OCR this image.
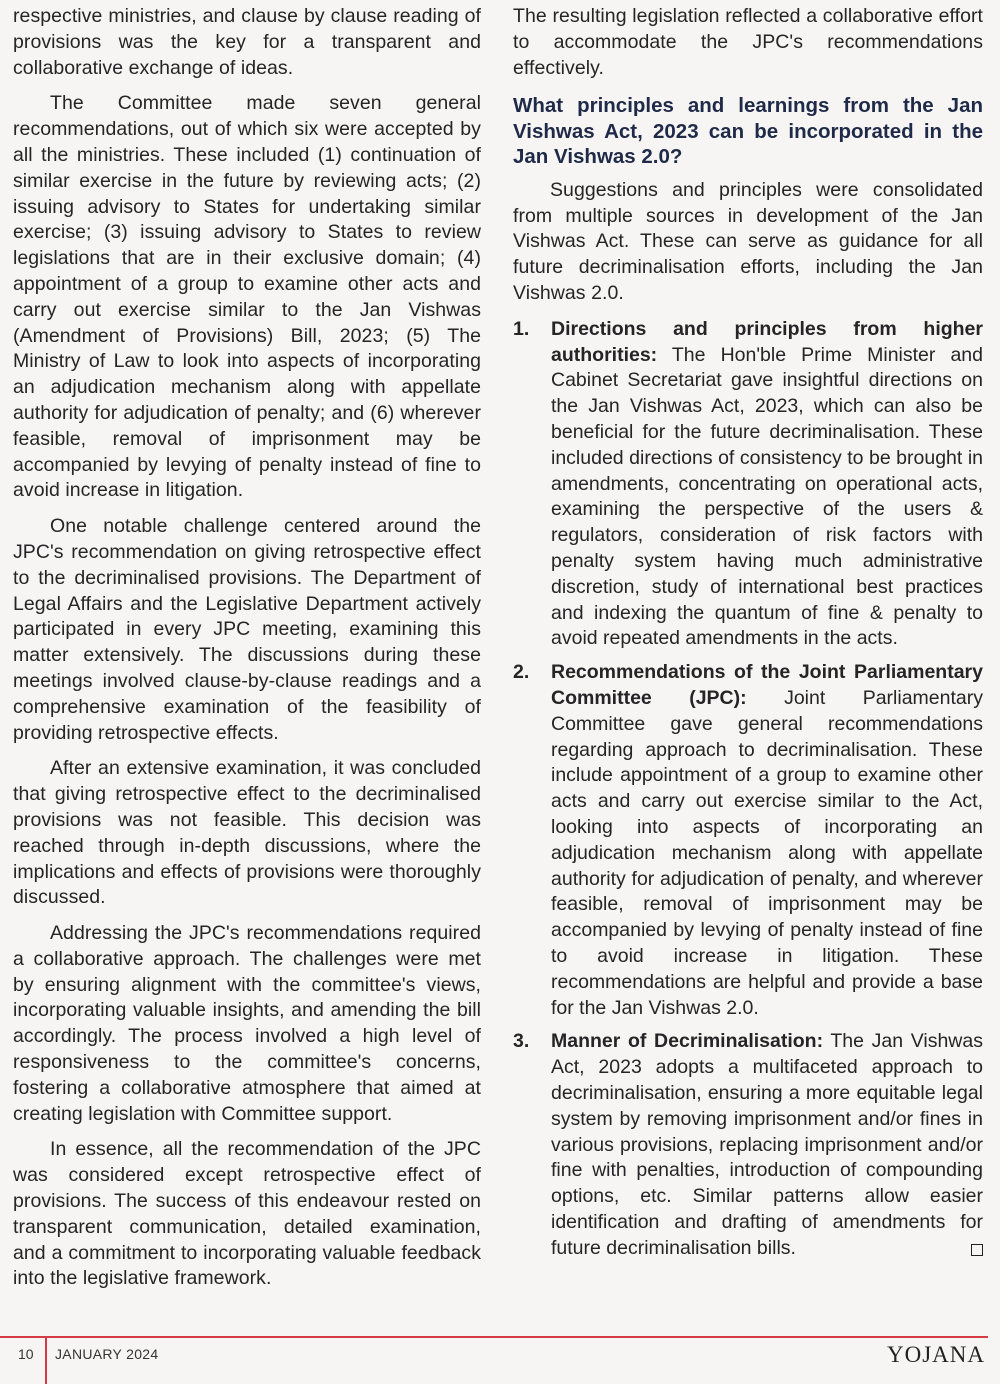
respective ministries, and clause by clause reading of provisions was the key for a transparent and collaborative exchange of ideas.

The Committee made seven general recommendations, out of which six were accepted by all the ministries. These included (1) continuation of similar exercise in the future by reviewing acts; (2) issuing advisory to States for undertaking similar exercise; (3) issuing advisory to States to review legislations that are in their exclusive domain; (4) appointment of a group to examine other acts and carry out exercise similar to the Jan Vishwas (Amendment of Provisions) Bill, 2023; (5) The Ministry of Law to look into aspects of incorporating an adjudication mechanism along with appellate authority for adjudication of penalty; and (6) wherever feasible, removal of imprisonment may be accompanied by levying of penalty instead of fine to avoid increase in litigation.

One notable challenge centered around the JPC's recommendation on giving retrospective effect to the decriminalised provisions. The Department of Legal Affairs and the Legislative Department actively participated in every JPC meeting, examining this matter extensively. The discussions during these meetings involved clause-by-clause readings and a comprehensive examination of the feasibility of providing retrospective effects.

After an extensive examination, it was concluded that giving retrospective effect to the decriminalised provisions was not feasible. This decision was reached through in-depth discussions, where the implications and effects of provisions were thoroughly discussed.

Addressing the JPC's recommendations required a collaborative approach. The challenges were met by ensuring alignment with the committee's views, incorporating valuable insights, and amending the bill accordingly. The process involved a high level of responsiveness to the committee's concerns, fostering a collaborative atmosphere that aimed at creating legislation with Committee support.

In essence, all the recommendation of the JPC was considered except retrospective effect of provisions. The success of this endeavour rested on transparent communication, detailed examination, and a commitment to incorporating valuable feedback into the legislative framework.

The resulting legislation reflected a collaborative effort to accommodate the JPC's recommendations effectively.

What principles and learnings from the Jan Vishwas Act, 2023 can be incorporated in the Jan Vishwas 2.0?

Suggestions and principles were consolidated from multiple sources in development of the Jan Vishwas Act. These can serve as guidance for all future decriminalisation efforts, including the Jan Vishwas 2.0.

1. Directions and principles from higher authorities: The Hon'ble Prime Minister and Cabinet Secretariat gave insightful directions on the Jan Vishwas Act, 2023, which can also be beneficial for the future decriminalisation. These included directions of consistency to be brought in amendments, concentrating on operational acts, examining the perspective of the users & regulators, consideration of risk factors with penalty system having much administrative discretion, study of international best practices and indexing the quantum of fine & penalty to avoid repeated amendments in the acts.

2. Recommendations of the Joint Parliamentary Committee (JPC): Joint Parliamentary Committee gave general recommendations regarding approach to decriminalisation. These include appointment of a group to examine other acts and carry out exercise similar to the Act, looking into aspects of incorporating an adjudication mechanism along with appellate authority for adjudication of penalty, and wherever feasible, removal of imprisonment may be accompanied by levying of penalty instead of fine to avoid increase in litigation. These recommendations are helpful and provide a base for the Jan Vishwas 2.0.

3. Manner of Decriminalisation: The Jan Vishwas Act, 2023 adopts a multifaceted approach to decriminalisation, ensuring a more equitable legal system by removing imprisonment and/or fines in various provisions, replacing imprisonment and/or fine with penalties, introduction of compounding options, etc. Similar patterns allow easier identification and drafting of amendments for future decriminalisation bills.

10 JANUARY 2024	YOJANA
